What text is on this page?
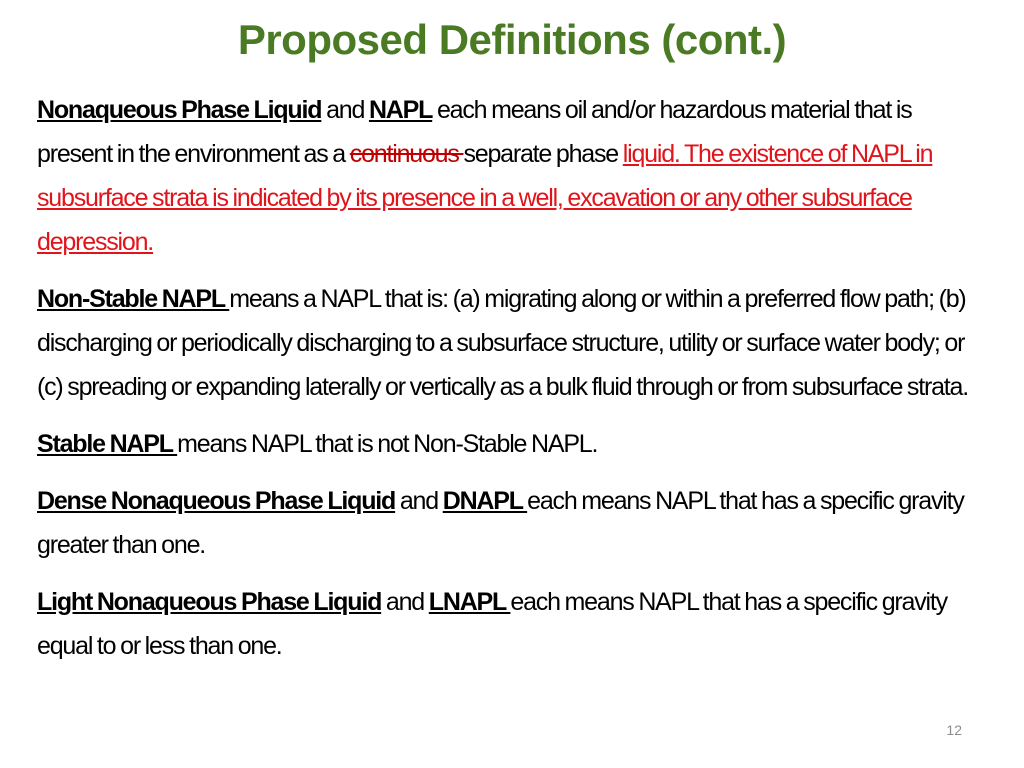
Proposed Definitions (cont.)

Nonaqueous Phase Liquid and NAPL each means oil and/or hazardous material that is present in the environment as a continuous separate phase liquid. The existence of NAPL in subsurface strata is indicated by its presence in a well, excavation or any other subsurface depression.

Non-Stable NAPL means a NAPL that is: (a) migrating along or within a preferred flow path; (b) discharging or periodically discharging to a subsurface structure, utility or surface water body; or (c) spreading or expanding laterally or vertically as a bulk fluid through or from subsurface strata.

Stable NAPL means NAPL that is not Non-Stable NAPL.

Dense Nonaqueous Phase Liquid and DNAPL each means NAPL that has a specific gravity greater than one.

Light Nonaqueous Phase Liquid and LNAPL each means NAPL that has a specific gravity equal to or less than one.

12
